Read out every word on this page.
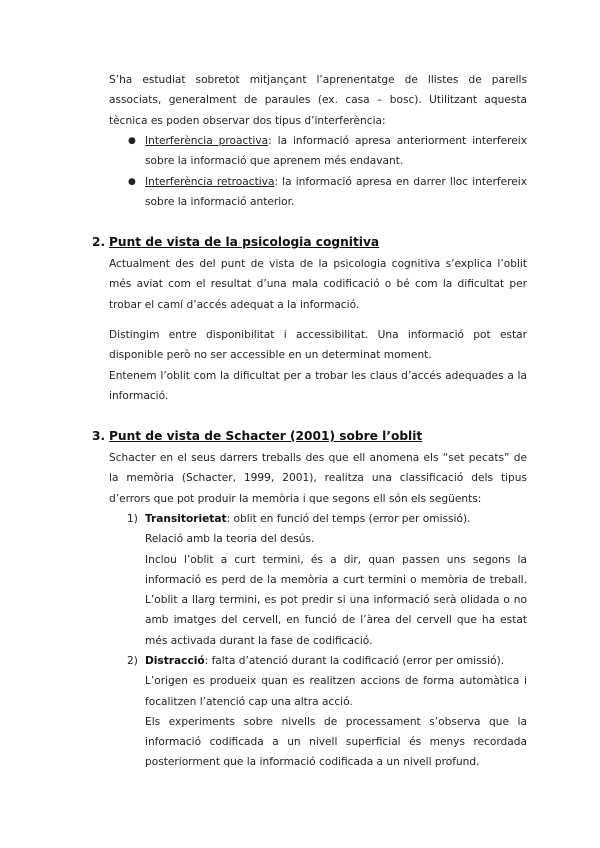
S’ha estudiat sobretot mitjançant l’aprenentatge de llistes de parells associats, generalment de paraules (ex. casa – bosc). Utilitzant aquesta tècnica es poden observar dos tipus d’interferència:

● Interferència proactiva: la informació apresa anteriorment interfereix sobre la informació que aprenem més endavant.

● Interferència retroactiva: la informació apresa en darrer lloc interfereix sobre la informació anterior.

2. Punt de vista de la psicologia cognitiva

Actualment des del punt de vista de la psicologia cognitiva s’explica l’oblit més aviat com el resultat d’una mala codificació o bé com la dificultat per trobar el camí d’accés adequat a la informació.

Distingim entre disponibilitat i accessibilitat. Una informació pot estar disponible però no ser accessible en un determinat moment.

Entenem l’oblit com la dificultat per a trobar les claus d’accés adequades a la informació.

3. Punt de vista de Schacter (2001) sobre l’oblit

Schacter en el seus darrers treballs des que ell anomena els “set pecats” de la memòria (Schacter, 1999, 2001), realitza una classificació dels tipus d’errors que pot produir la memòria i que segons ell són els següents:

1) Transitorietat: oblit en funció del temps (error per omissió).

Relació amb la teoria del desús.

Inclou l’oblit a curt termini, és a dir, quan passen uns segons la informació es perd de la memòria a curt termini o memòria de treball. L’oblit a llarg termini, es pot predir si una informació serà olidada o no amb imatges del cervell, en funció de l’àrea del cervell que ha estat més activada durant la fase de codificació.

2) Distracció: falta d’atenció durant la codificació (error per omissió).

L’origen es produeix quan es realitzen accions de forma automàtica i focalitzen l’atenció cap una altra acció.

Els experiments sobre nivells de processament s’observa que la informació codificada a un nivell superficial és menys recordada posteriorment que la informació codificada a un nivell profund.
